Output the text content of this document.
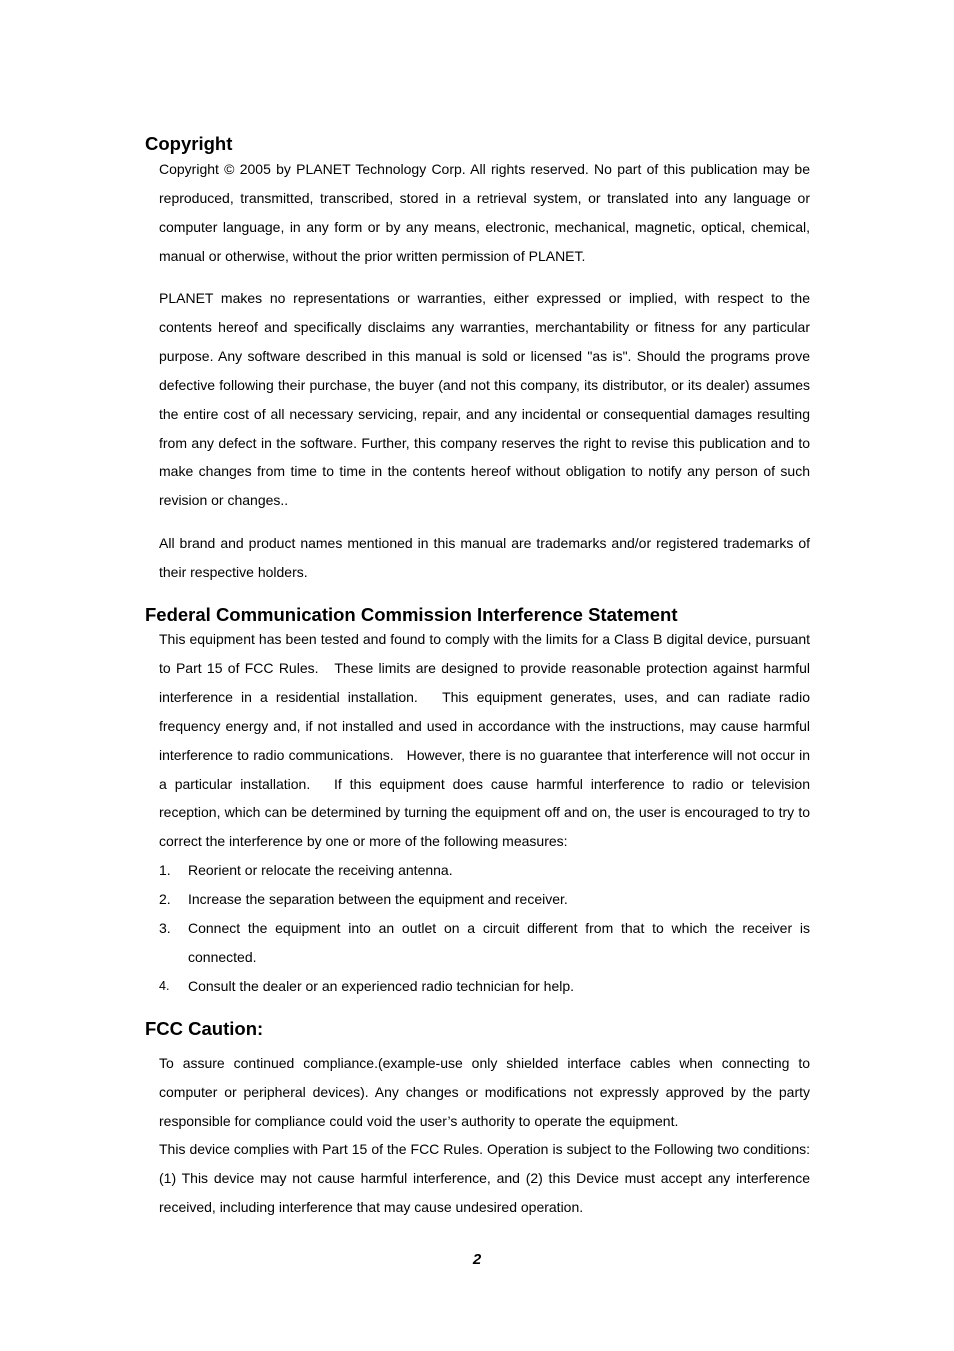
Copyright

Copyright © 2005 by PLANET Technology Corp. All rights reserved. No part of this publication may be reproduced, transmitted, transcribed, stored in a retrieval system, or translated into any language or computer language, in any form or by any means, electronic, mechanical, magnetic, optical, chemical, manual or otherwise, without the prior written permission of PLANET.

PLANET makes no representations or warranties, either expressed or implied, with respect to the contents hereof and specifically disclaims any warranties, merchantability or fitness for any particular purpose. Any software described in this manual is sold or licensed "as is". Should the programs prove defective following their purchase, the buyer (and not this company, its distributor, or its dealer) assumes the entire cost of all necessary servicing, repair, and any incidental or consequential damages resulting from any defect in the software. Further, this company reserves the right to revise this publication and to make changes from time to time in the contents hereof without obligation to notify any person of such revision or changes..

All brand and product names mentioned in this manual are trademarks and/or registered trademarks of their respective holders.

Federal Communication Commission Interference Statement

This equipment has been tested and found to comply with the limits for a Class B digital device, pursuant to Part 15 of FCC Rules.   These limits are designed to provide reasonable protection against harmful interference in a residential installation.   This equipment generates, uses, and can radiate radio frequency energy and, if not installed and used in accordance with the instructions, may cause harmful interference to radio communications.   However, there is no guarantee that interference will not occur in a particular installation.   If this equipment does cause harmful interference to radio or television reception, which can be determined by turning the equipment off and on, the user is encouraged to try to correct the interference by one or more of the following measures:

1. Reorient or relocate the receiving antenna.
2. Increase the separation between the equipment and receiver.
3. Connect the equipment into an outlet on a circuit different from that to which the receiver is connected.
4. Consult the dealer or an experienced radio technician for help.
FCC Caution:

To assure continued compliance.(example-use only shielded interface cables when connecting to computer or peripheral devices). Any changes or modifications not expressly approved by the party responsible for compliance could void the user’s authority to operate the equipment.

This device complies with Part 15 of the FCC Rules. Operation is subject to the Following two conditions: (1) This device may not cause harmful interference, and (2) this Device must accept any interference received, including interference that may cause undesired operation.

2
